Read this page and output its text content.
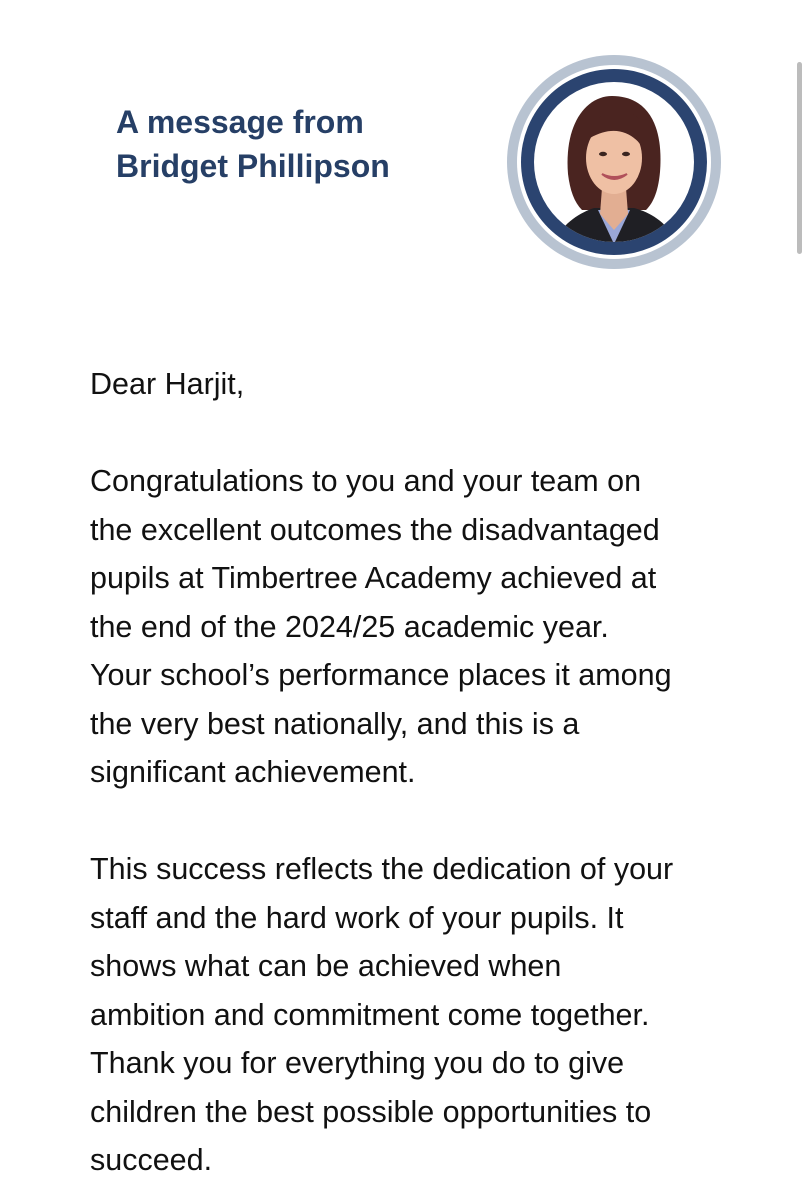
A message from
Bridget Phillipson

Dear Harjit,

Congratulations to you and your team on
the excellent outcomes the disadvantaged
pupils at Timbertree Academy achieved at
the end of the 2024/25 academic year.
Your school’s performance places it among
the very best nationally, and this is a
significant achievement.

This success reflects the dedication of your
staff and the hard work of your pupils. It
shows what can be achieved when
ambition and commitment come together.
Thank you for everything you do to give
children the best possible opportunities to
succeed.
